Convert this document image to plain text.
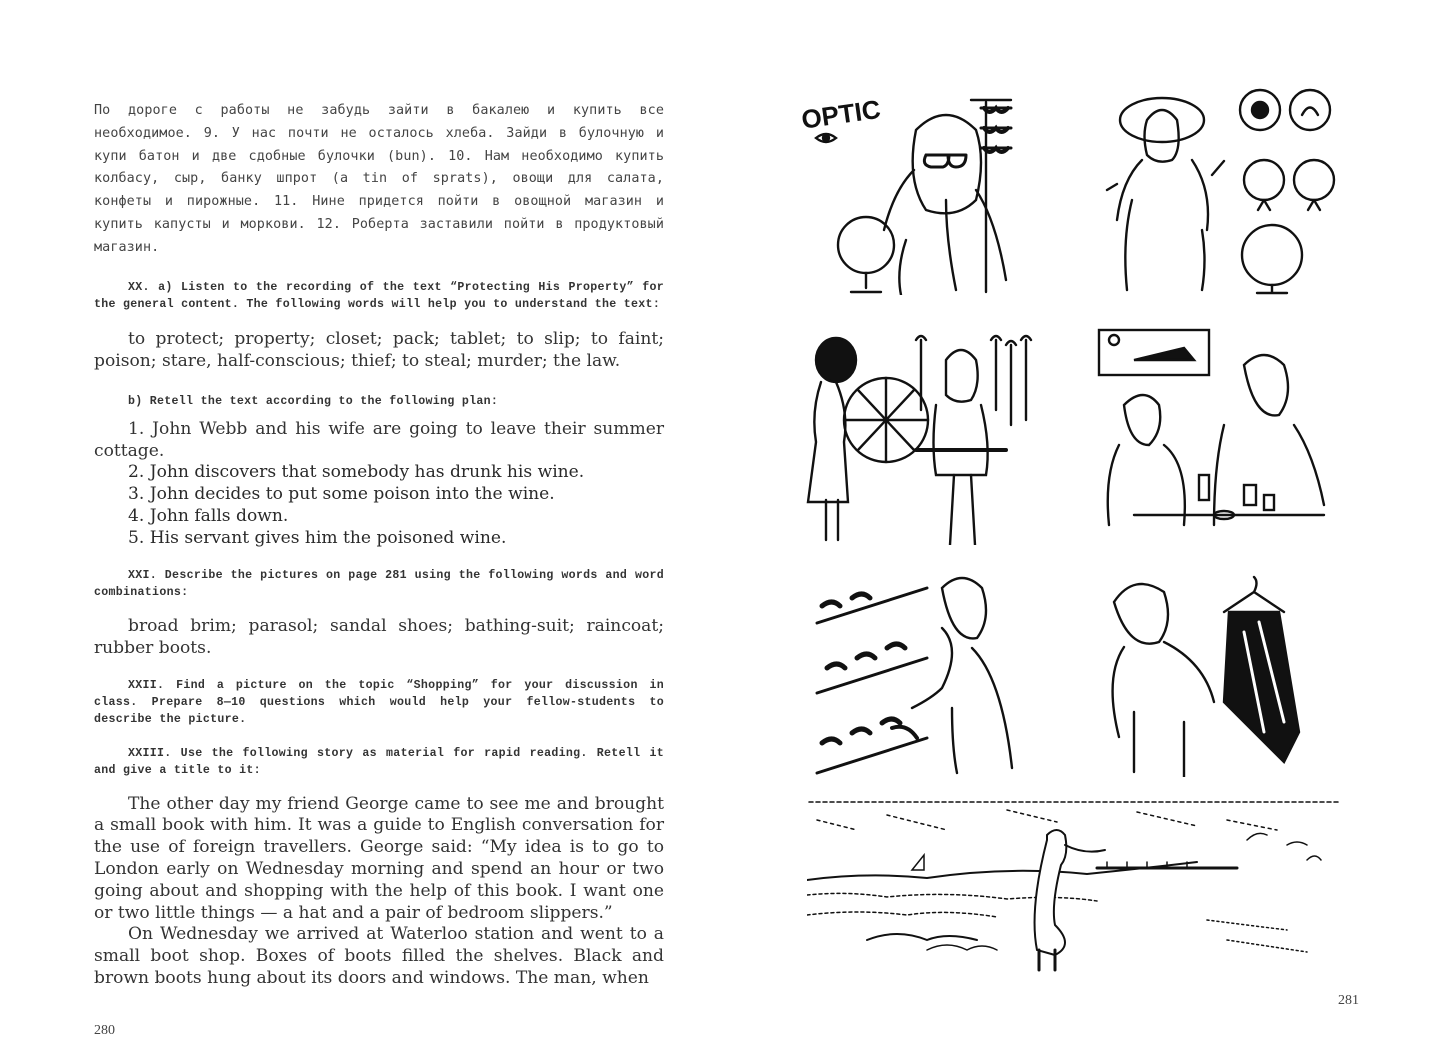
По дороге с работы не забудь зайти в бакалею и купить все необходимое. 9. У нас почти не осталось хлеба. Зайди в булочную и купи батон и две сдобные булочки (bun). 10. Нам необходимо купить колбасу, сыр, банку шпрот (a tin of sprats), овощи для салата, конфеты и пирожные. 11. Нине придется пойти в овощной магазин и купить капусты и моркови. 12. Роберта заставили пойти в продуктовый магазин.

XX. a) Listen to the recording of the text “Protecting His Property” for the general content. The following words will help you to understand the text:

to protect; property; closet; pack; tablet; to slip; to faint; poison; stare, half-conscious; thief; to steal; murder; the law.

b) Retell the text according to the following plan:

1. John Webb and his wife are going to leave their summer cottage.

2. John discovers that somebody has drunk his wine.

3. John decides to put some poison into the wine.

4. John falls down.

5. His servant gives him the poisoned wine.

XXI. Describe the pictures on page 281 using the following words and word combinations:

broad brim; parasol; sandal shoes; bathing-suit; raincoat; rubber boots.

XXII. Find a picture on the topic “Shopping” for your discussion in class. Prepare 8—10 questions which would help your fellow-students to describe the picture.

XXIII. Use the following story as material for rapid reading. Retell it and give a title to it:

The other day my friend George came to see me and brought a small book with him. It was a guide to English conversation for the use of foreign travellers. George said: “My idea is to go to London early on Wednesday morning and spend an hour or two going about and shopping with the help of this book. I want one or two little things — a hat and a pair of bedroom slippers.”

On Wednesday we arrived at Waterloo station and went to a small boot shop. Boxes of boots filled the shelves. Black and brown boots hung about its doors and windows. The man, when

280
OPTIC
281
